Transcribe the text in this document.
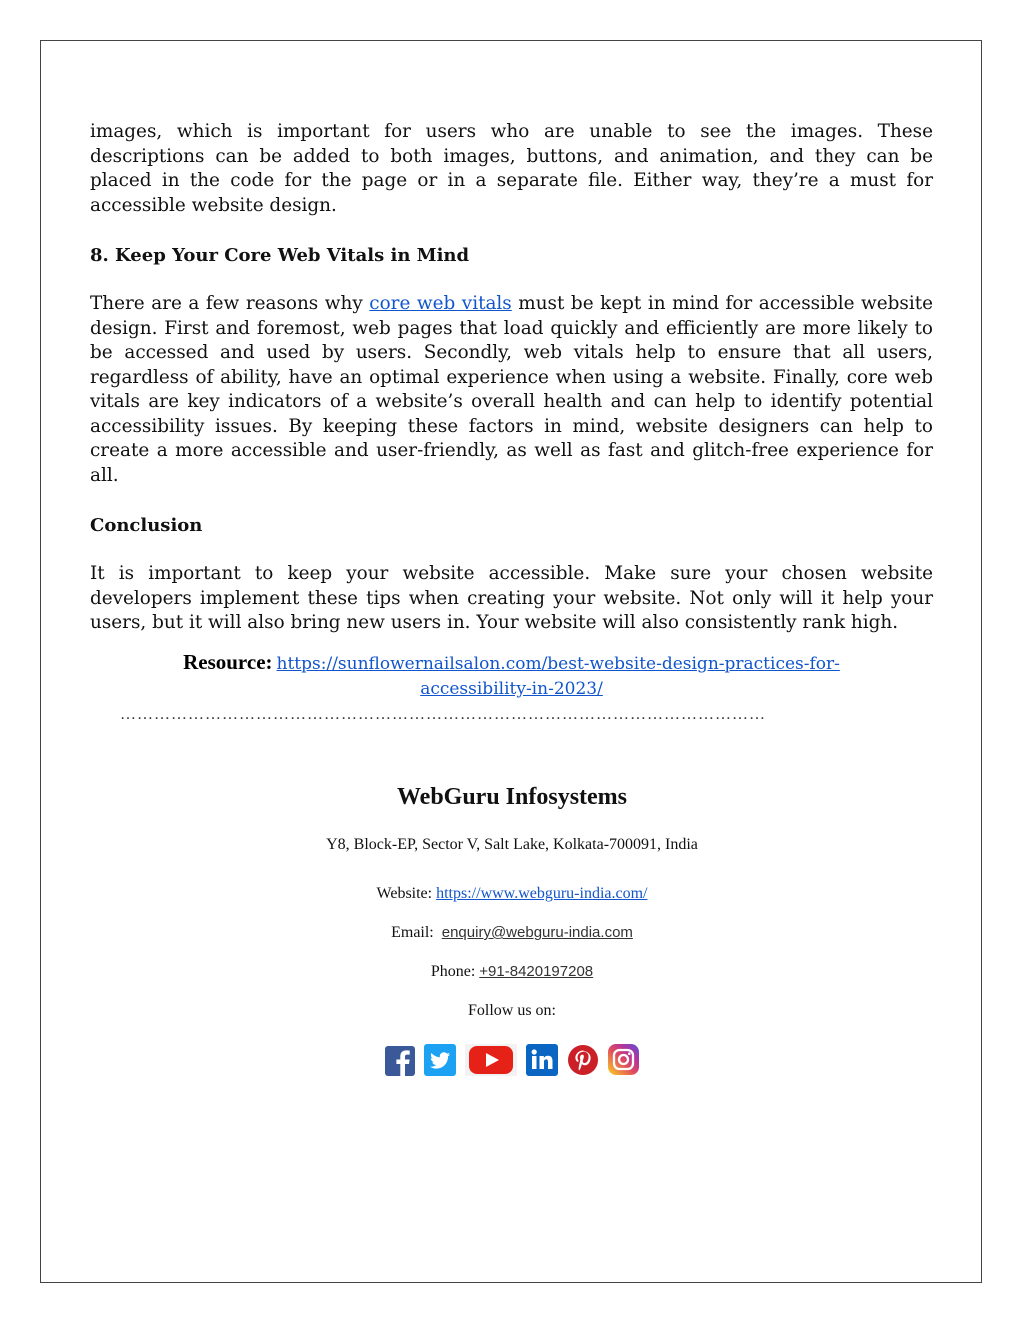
images, which is important for users who are unable to see the images. These descriptions can be added to both images, buttons, and animation, and they can be placed in the code for the page or in a separate file. Either way, they’re a must for accessible website design.

8. Keep Your Core Web Vitals in Mind

There are a few reasons why core web vitals must be kept in mind for accessible website design. First and foremost, web pages that load quickly and efficiently are more likely to be accessed and used by users. Secondly, web vitals help to ensure that all users, regardless of ability, have an optimal experience when using a website. Finally, core web vitals are key indicators of a website’s overall health and can help to identify potential accessibility issues. By keeping these factors in mind, website designers can help to create a more accessible and user-friendly, as well as fast and glitch-free experience for all.

Conclusion

It is important to keep your website accessible. Make sure your chosen website developers implement these tips when creating your website. Not only will it help your users, but it will also bring new users in. Your website will also consistently rank high.

Resource: https://sunflowernailsalon.com/best-website-design-practices-for-
accessibility-in-2023/
……………………………………………………………………………………………………
WebGuru Infosystems
Y8, Block-EP, Sector V, Salt Lake, Kolkata-700091, India
Website: https://www.webguru-india.com/
Email:  enquiry@webguru-india.com
Phone: +91-8420197208
Follow us on:
